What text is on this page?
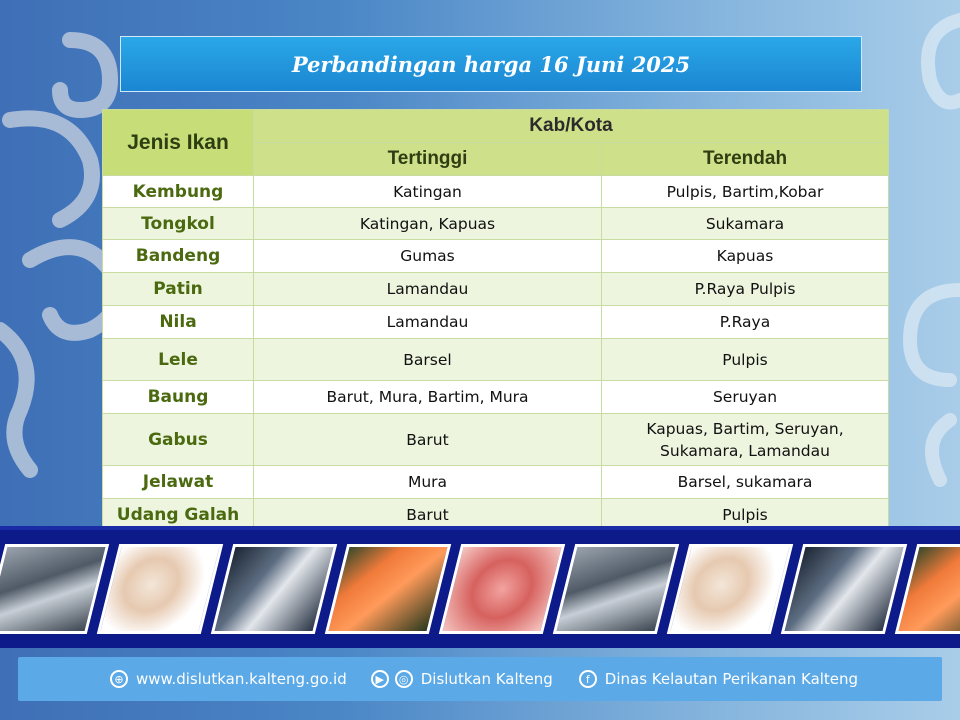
Perbandingan harga 16 Juni 2025
Jenis Ikan	Kab/Kota	
	Tertinggi	Terendah
Kembung	Katingan	Pulpis, Bartim,Kobar
Tongkol	Katingan, Kapuas	Sukamara
Bandeng	Gumas	Kapuas
Patin	Lamandau	P.Raya Pulpis
Nila	Lamandau	P.Raya
Lele	Barsel	Pulpis
Baung	Barut, Mura, Bartim, Mura	Seruyan
Gabus	Barut	Kapuas, Bartim, Seruyan, Sukamara, Lamandau
Jelawat	Mura	Barsel, sukamara
Udang Galah	Barut	Pulpis
⊕ www.dislutkan.kalteng.go.id	▶	◎ Dislutkan Kalteng	f	Dinas Kelautan Perikanan Kalteng
